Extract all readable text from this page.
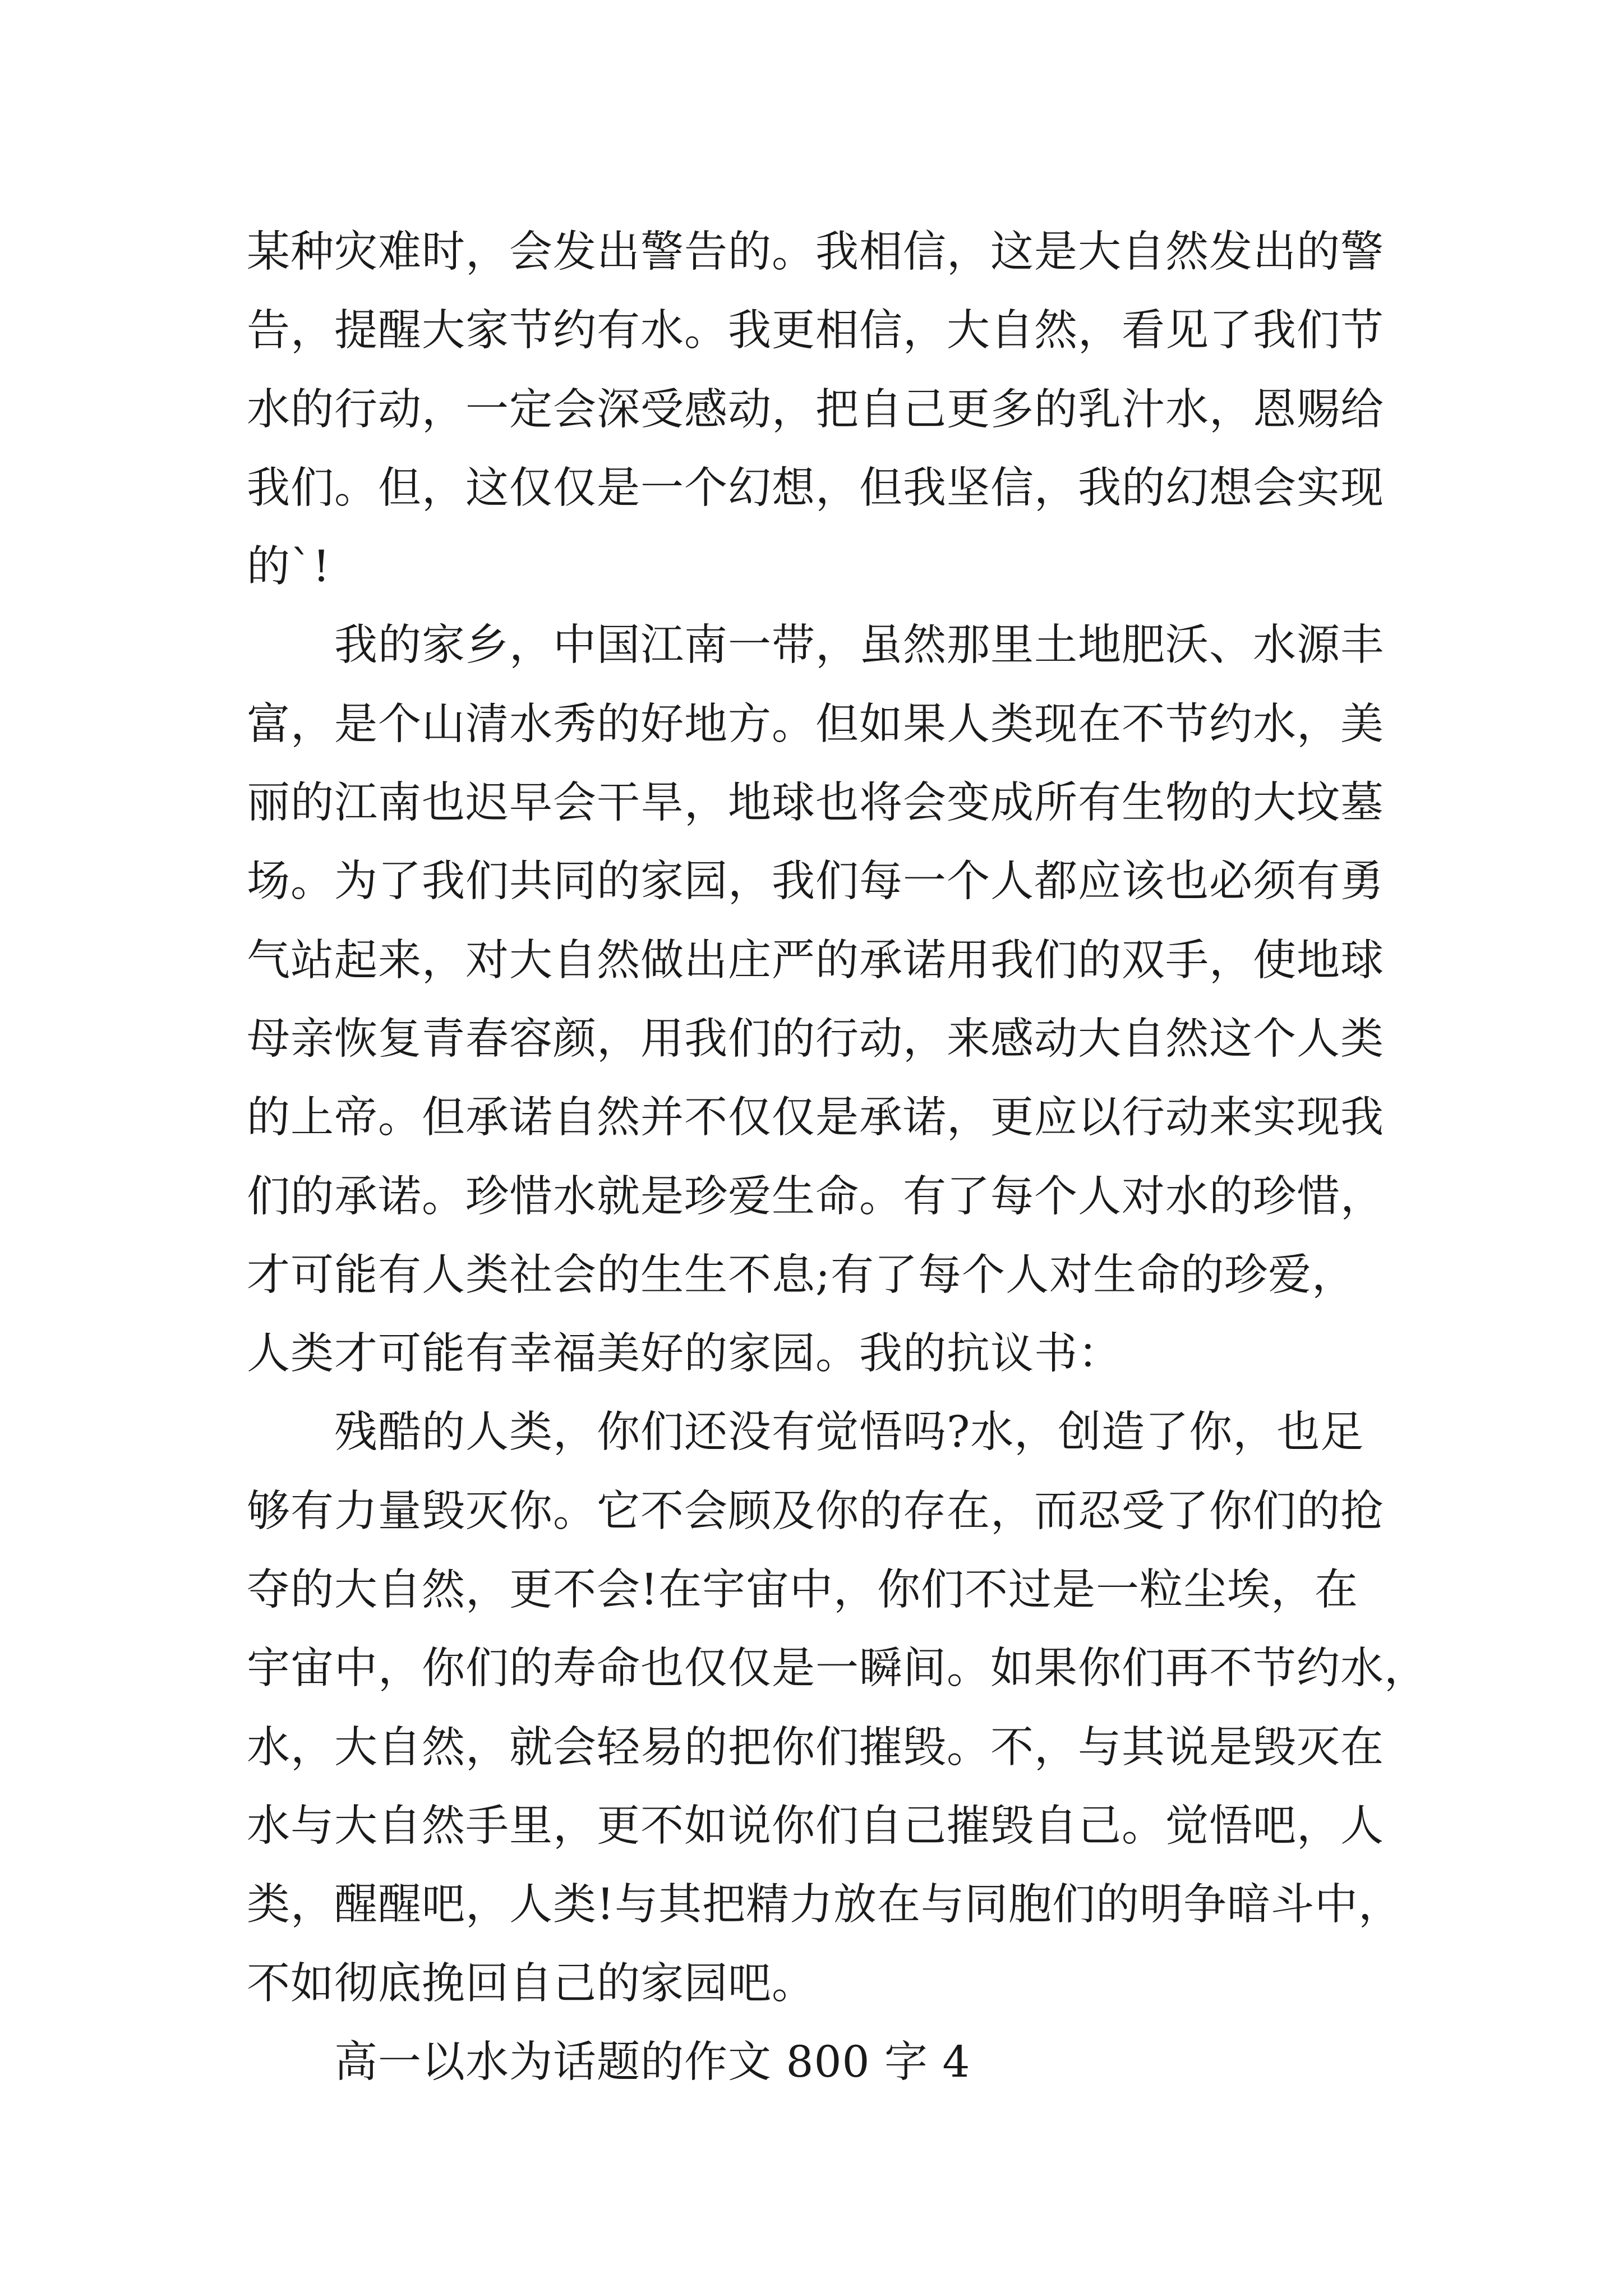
某种灾难时，会发出警告的。我相信，这是大自然发出的警
告，提醒大家节约有水。我更相信，大自然，看见了我们节
水的行动，一定会深受感动，把自己更多的乳汁水，恩赐给
我们。但，这仅仅是一个幻想，但我坚信，我的幻想会实现
的`!
　　我的家乡，中国江南一带，虽然那里土地肥沃、水源丰
富，是个山清水秀的好地方。但如果人类现在不节约水，美
丽的江南也迟早会干旱，地球也将会变成所有生物的大坟墓
场。为了我们共同的家园，我们每一个人都应该也必须有勇
气站起来，对大自然做出庄严的承诺用我们的双手，使地球
母亲恢复青春容颜，用我们的行动，来感动大自然这个人类
的上帝。但承诺自然并不仅仅是承诺，更应以行动来实现我
们的承诺。珍惜水就是珍爱生命。有了每个人对水的珍惜，
才可能有人类社会的生生不息;有了每个人对生命的珍爱，
人类才可能有幸福美好的家园。我的抗议书：
　　残酷的人类，你们还没有觉悟吗?水，创造了你，也足
够有力量毁灭你。它不会顾及你的存在，而忍受了你们的抢
夺的大自然，更不会!在宇宙中，你们不过是一粒尘埃，在
宇宙中，你们的寿命也仅仅是一瞬间。如果你们再不节约水，
水，大自然，就会轻易的把你们摧毁。不，与其说是毁灭在
水与大自然手里，更不如说你们自己摧毁自己。觉悟吧，人
类，醒醒吧，人类!与其把精力放在与同胞们的明争暗斗中，
不如彻底挽回自己的家园吧。
　　高一以水为话题的作文 800 字 4
